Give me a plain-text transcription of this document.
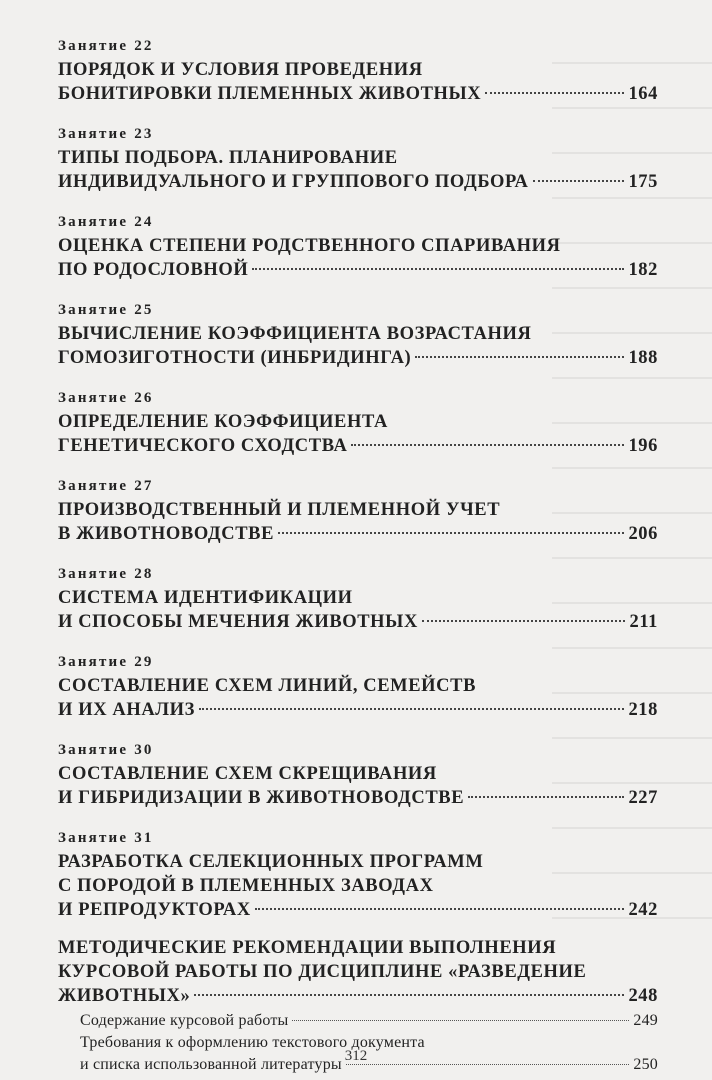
Занятие 22
ПОРЯДОК И УСЛОВИЯ ПРОВЕДЕНИЯ
БОНИТИРОВКИ ПЛЕМЕННЫХ ЖИВОТНЫХ	164
Занятие 23
ТИПЫ ПОДБОРА. ПЛАНИРОВАНИЕ
ИНДИВИДУАЛЬНОГО И ГРУППОВОГО ПОДБОРА	175
Занятие 24
ОЦЕНКА СТЕПЕНИ РОДСТВЕННОГО СПАРИВАНИЯ
ПО РОДОСЛОВНОЙ	182
Занятие 25
ВЫЧИСЛЕНИЕ КОЭФФИЦИЕНТА ВОЗРАСТАНИЯ
ГОМОЗИГОТНОСТИ (ИНБРИДИНГА)	188
Занятие 26
ОПРЕДЕЛЕНИЕ КОЭФФИЦИЕНТА
ГЕНЕТИЧЕСКОГО СХОДСТВА	196
Занятие 27
ПРОИЗВОДСТВЕННЫЙ И ПЛЕМЕННОЙ УЧЕТ
В ЖИВОТНОВОДСТВЕ	206
Занятие 28
СИСТЕМА ИДЕНТИФИКАЦИИ
И СПОСОБЫ МЕЧЕНИЯ ЖИВОТНЫХ	211
Занятие 29
СОСТАВЛЕНИЕ СХЕМ ЛИНИЙ, СЕМЕЙСТВ
И ИХ АНАЛИЗ	218
Занятие 30
СОСТАВЛЕНИЕ СХЕМ СКРЕЩИВАНИЯ
И ГИБРИДИЗАЦИИ В ЖИВОТНОВОДСТВЕ	227
Занятие 31
РАЗРАБОТКА СЕЛЕКЦИОННЫХ ПРОГРАММ
С ПОРОДОЙ В ПЛЕМЕННЫХ ЗАВОДАХ
И РЕПРОДУКТОРАХ	242
МЕТОДИЧЕСКИЕ РЕКОМЕНДАЦИИ ВЫПОЛНЕНИЯ
КУРСОВОЙ РАБОТЫ ПО ДИСЦИПЛИНЕ «РАЗВЕДЕНИЕ
ЖИВОТНЫХ»	248
Содержание курсовой работы	249
Требования к оформлению текстового документа
и списка использованной литературы	250
312
